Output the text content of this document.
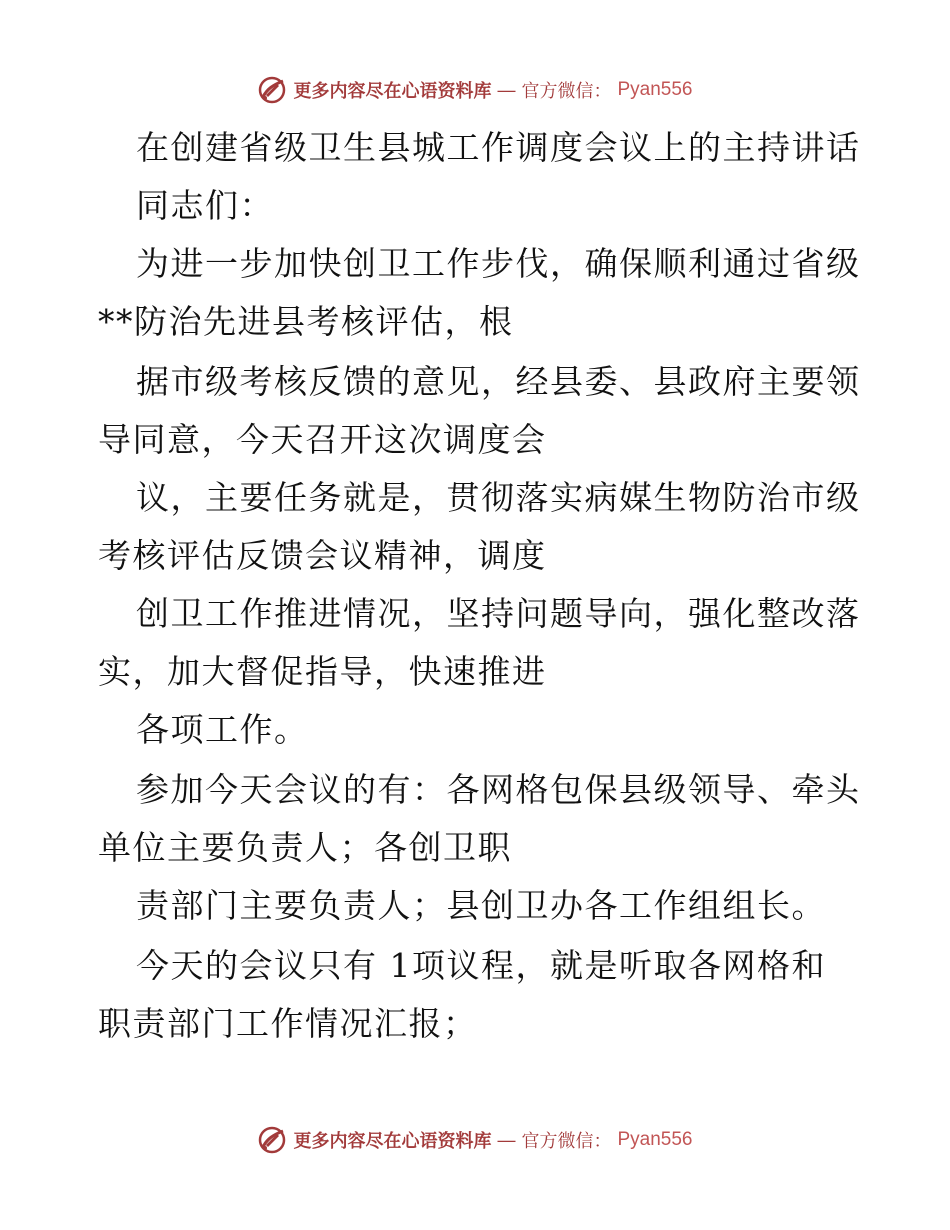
更多内容尽在心语资料库 — 官方微信： Pyan556
在创建省级卫生县城工作调度会议上的主持讲话
同志们：
为进一步加快创卫工作步伐，确保顺利通过省级
**防治先进县考核评估，根
据市级考核反馈的意见，经县委、县政府主要领
导同意，今天召开这次调度会
议，主要任务就是，贯彻落实病媒生物防治市级
考核评估反馈会议精神，调度
创卫工作推进情况，坚持问题导向，强化整改落
实，加大督促指导，快速推进
各项工作。
参加今天会议的有：各网格包保县级领导、牵头
单位主要负责人；各创卫职
责部门主要负责人；县创卫办各工作组组长。
今天的会议只有 1项议程，就是听取各网格和
职责部门工作情况汇报；
更多内容尽在心语资料库 — 官方微信： Pyan556
